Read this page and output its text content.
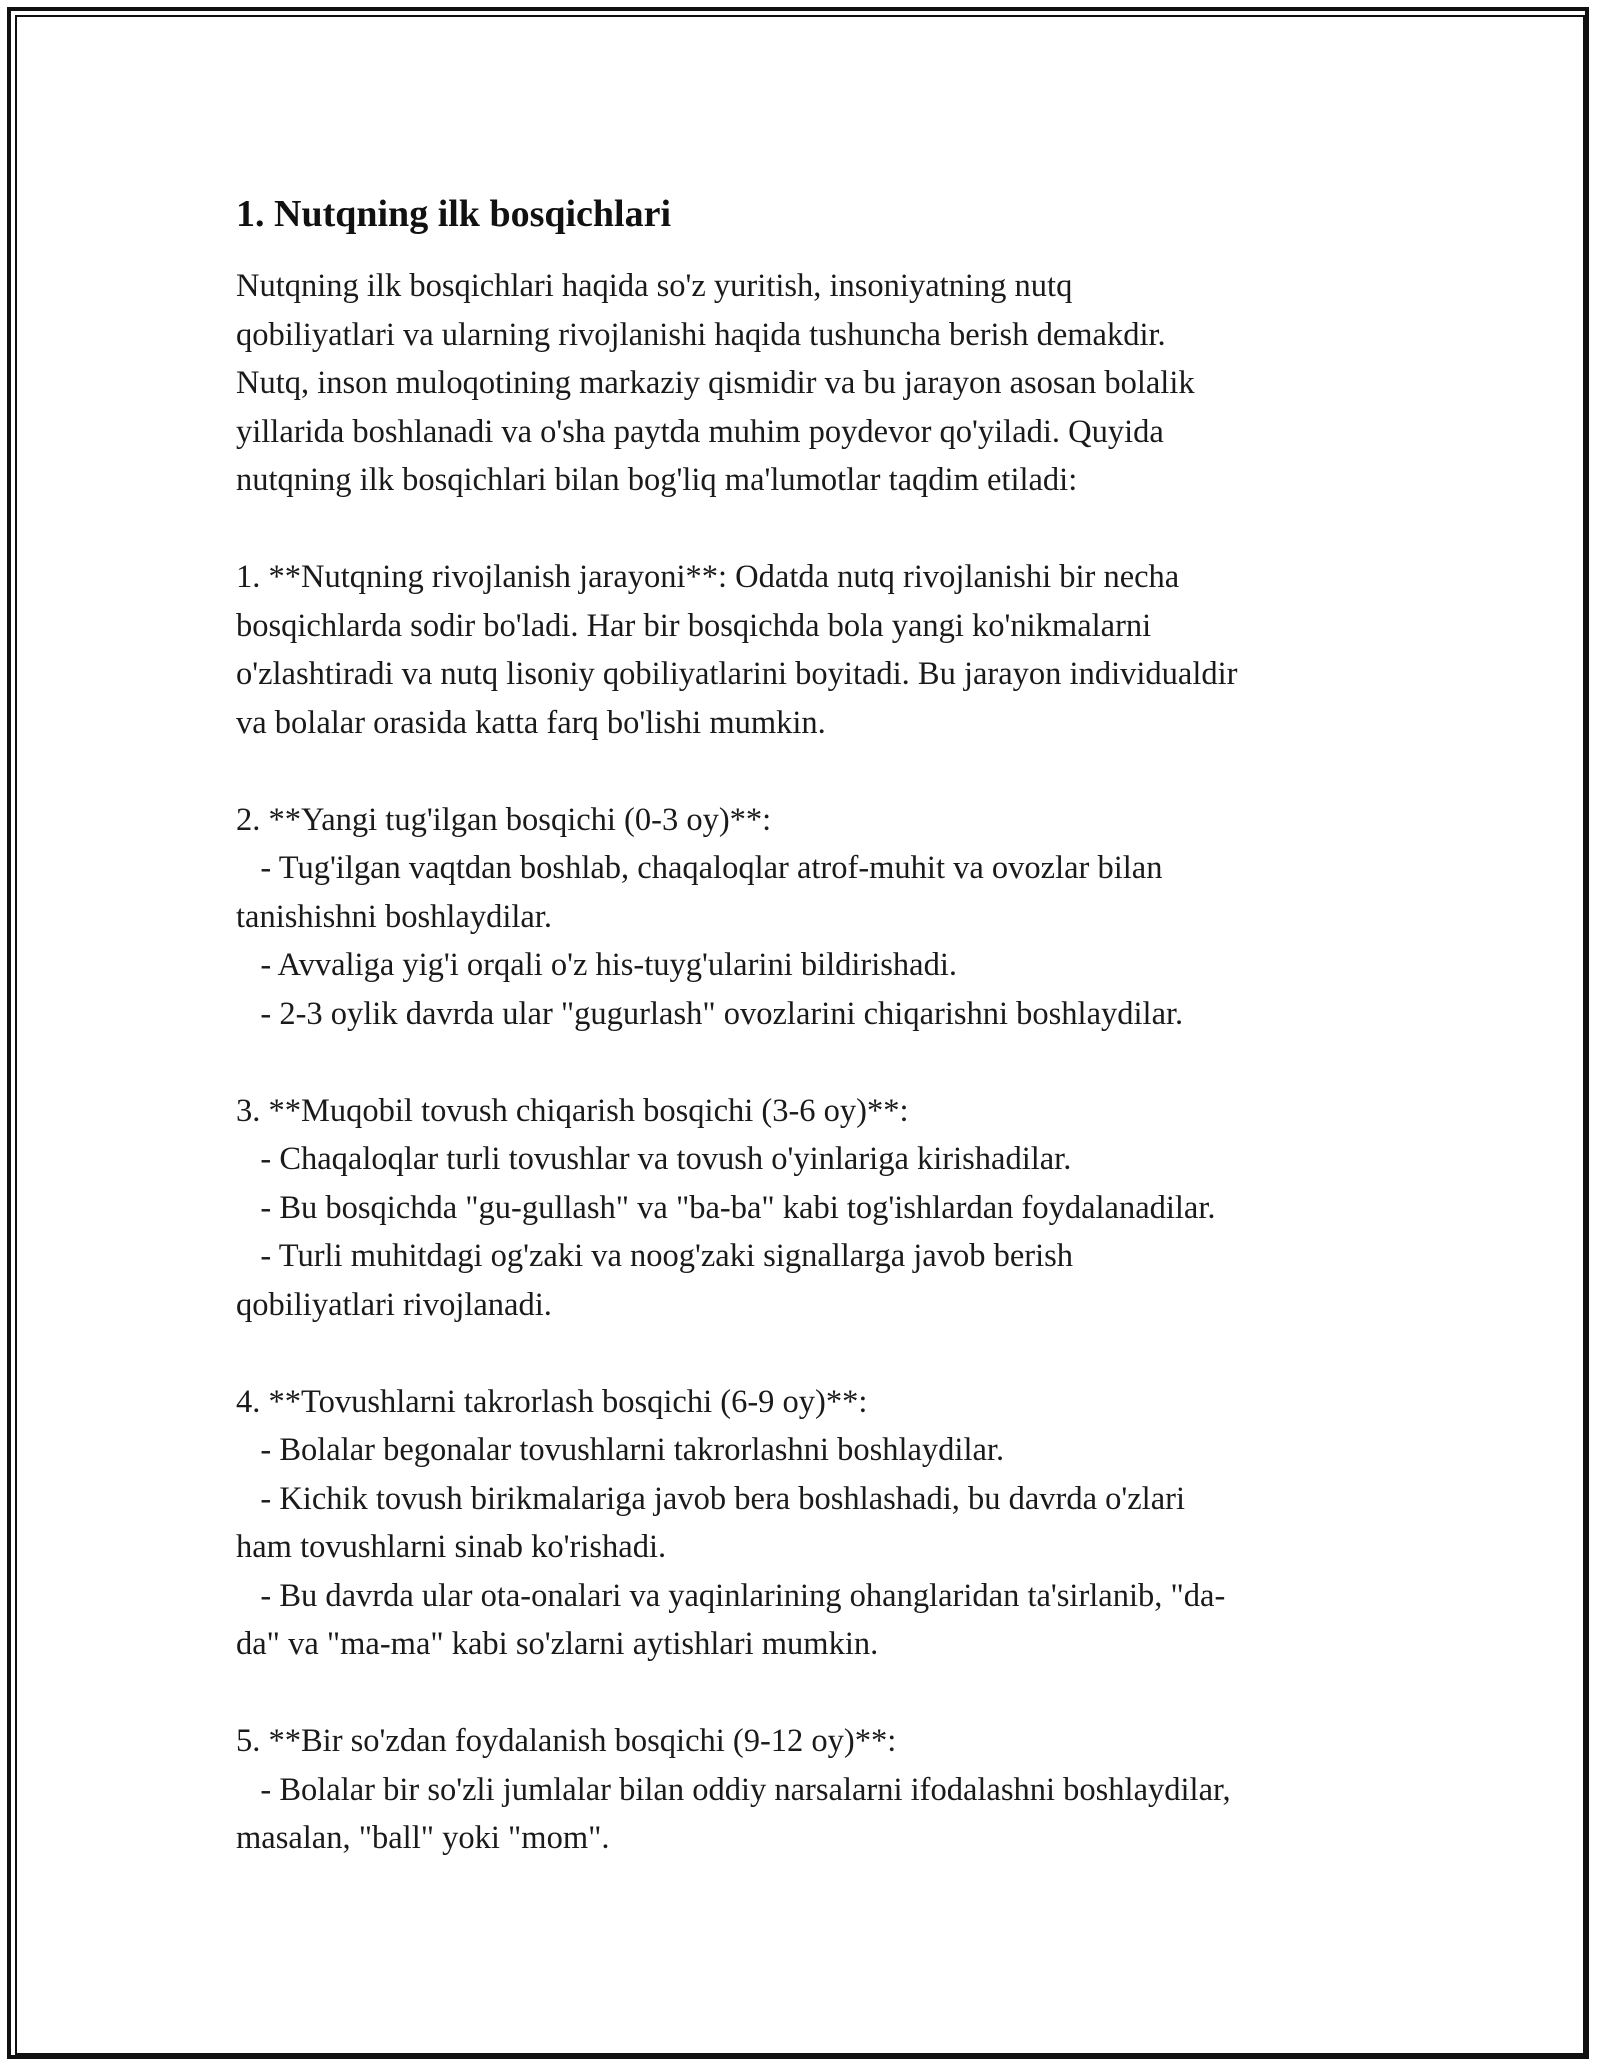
1. Nutqning ilk bosqichlari
Nutqning ilk bosqichlari haqida so'z yuritish, insoniyatning nutq
qobiliyatlari va ularning rivojlanishi haqida tushuncha berish demakdir.
Nutq, inson muloqotining markaziy qismidir va bu jarayon asosan bolalik
yillarida boshlanadi va o'sha paytda muhim poydevor qo'yiladi. Quyida
nutqning ilk bosqichlari bilan bog'liq ma'lumotlar taqdim etiladi:
1. **Nutqning rivojlanish jarayoni**: Odatda nutq rivojlanishi bir necha
bosqichlarda sodir bo'ladi. Har bir bosqichda bola yangi ko'nikmalarni
o'zlashtiradi va nutq lisoniy qobiliyatlarini boyitadi. Bu jarayon individualdir
va bolalar orasida katta farq bo'lishi mumkin.
2. **Yangi tug'ilgan bosqichi (0-3 oy)**:
- Tug'ilgan vaqtdan boshlab, chaqaloqlar atrof-muhit va ovozlar bilan
tanishishni boshlaydilar.
- Avvaliga yig'i orqali o'z his-tuyg'ularini bildirishadi.
- 2-3 oylik davrda ular "gugurlash" ovozlarini chiqarishni boshlaydilar.
3. **Muqobil tovush chiqarish bosqichi (3-6 oy)**:
- Chaqaloqlar turli tovushlar va tovush o'yinlariga kirishadilar.
- Bu bosqichda "gu-gullash" va "ba-ba" kabi tog'ishlardan foydalanadilar.
- Turli muhitdagi og'zaki va noog'zaki signallarga javob berish
qobiliyatlari rivojlanadi.
4. **Tovushlarni takrorlash bosqichi (6-9 oy)**:
- Bolalar begonalar tovushlarni takrorlashni boshlaydilar.
- Kichik tovush birikmalariga javob bera boshlashadi, bu davrda o'zlari
ham tovushlarni sinab ko'rishadi.
- Bu davrda ular ota-onalari va yaqinlarining ohanglaridan ta'sirlanib, "da-
da" va "ma-ma" kabi so'zlarni aytishlari mumkin.
5. **Bir so'zdan foydalanish bosqichi (9-12 oy)**:
- Bolalar bir so'zli jumlalar bilan oddiy narsalarni ifodalashni boshlaydilar,
masalan, "ball" yoki "mom".
